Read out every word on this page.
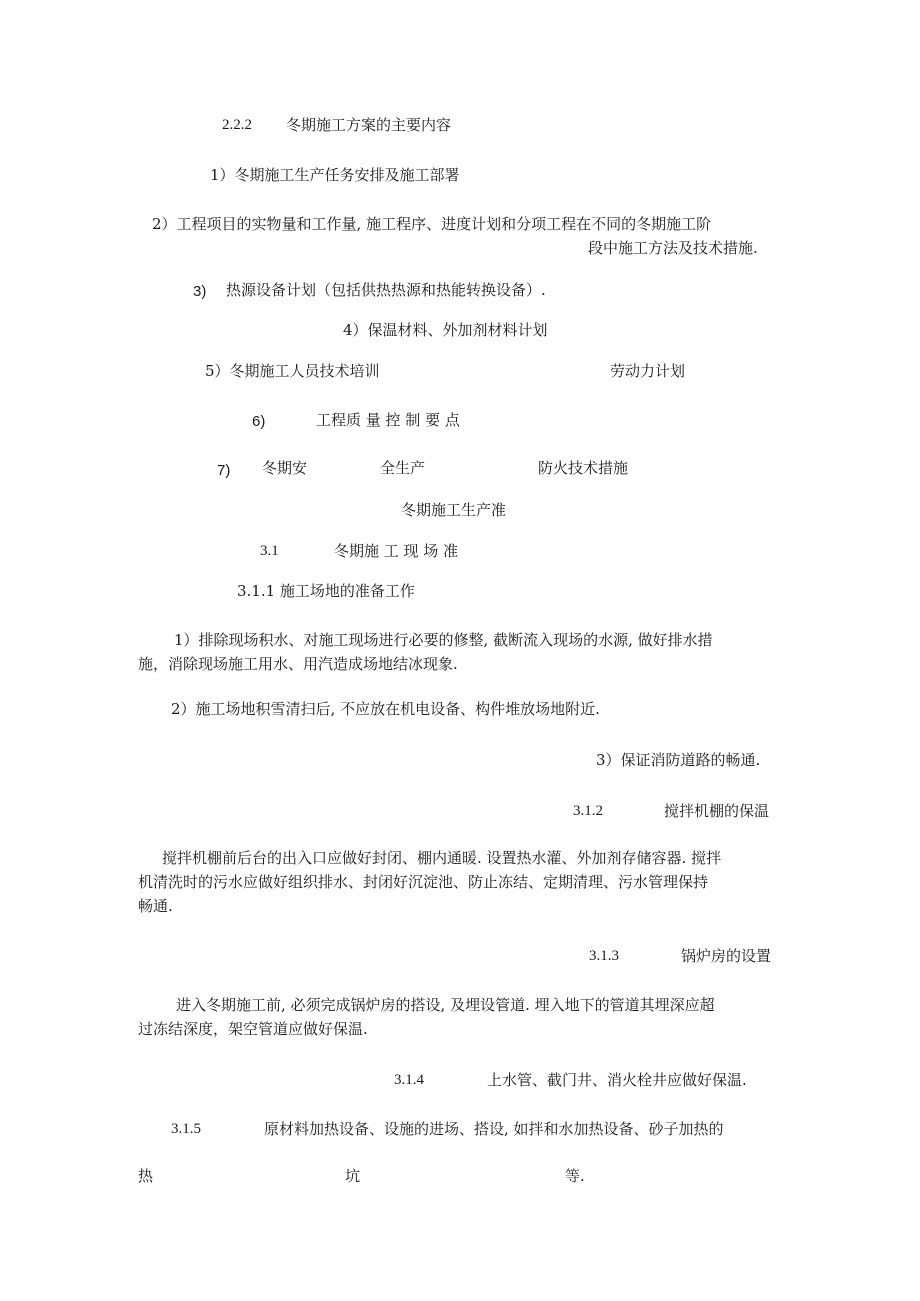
2.2.2 冬期施工方案的主要内容
1）冬期施工生产任务安排及施工部署
2）工程项目的实物量和工作量, 施工程序、进度计划和分项工程在不同的冬期施工阶
段中施工方法及技术措施.
3) 热源设备计划（包括供热热源和热能转换设备）.
4）保温材料、外加剂材料计划
5）冬期施工人员技术培训	劳动力计划
6)	工程质 量 控 制 要 点
7) 冬期安	全生产	防火技术措施
冬期施工生产准
3.1	冬期施 工 现 场 准
3.1.1 施工场地的准备工作
1）排除现场积水、对施工现场进行必要的修整, 截断流入现场的水源, 做好排水措
施，消除现场施工用水、用汽造成场地结冰现象.
2）施工场地积雪清扫后, 不应放在机电设备、构件堆放场地附近.
3）保证消防道路的畅通.
3.1.2	搅拌机棚的保温
搅拌机棚前后台的出入口应做好封闭、棚内通暖. 设置热水灌、外加剂存储容器. 搅拌
机清洗时的污水应做好组织排水、封闭好沉淀池、防止冻结、定期清理、污水管理保持
畅通.
3.1.3	锅炉房的设置
进入冬期施工前, 必须完成锅炉房的搭设, 及埋设管道. 埋入地下的管道其埋深应超
过冻结深度，架空管道应做好保温.
3.1.4	上水管、截门井、消火栓井应做好保温.
3.1.5	原材料加热设备、设施的进场、搭设, 如拌和水加热设备、砂子加热的
热	坑	等.
